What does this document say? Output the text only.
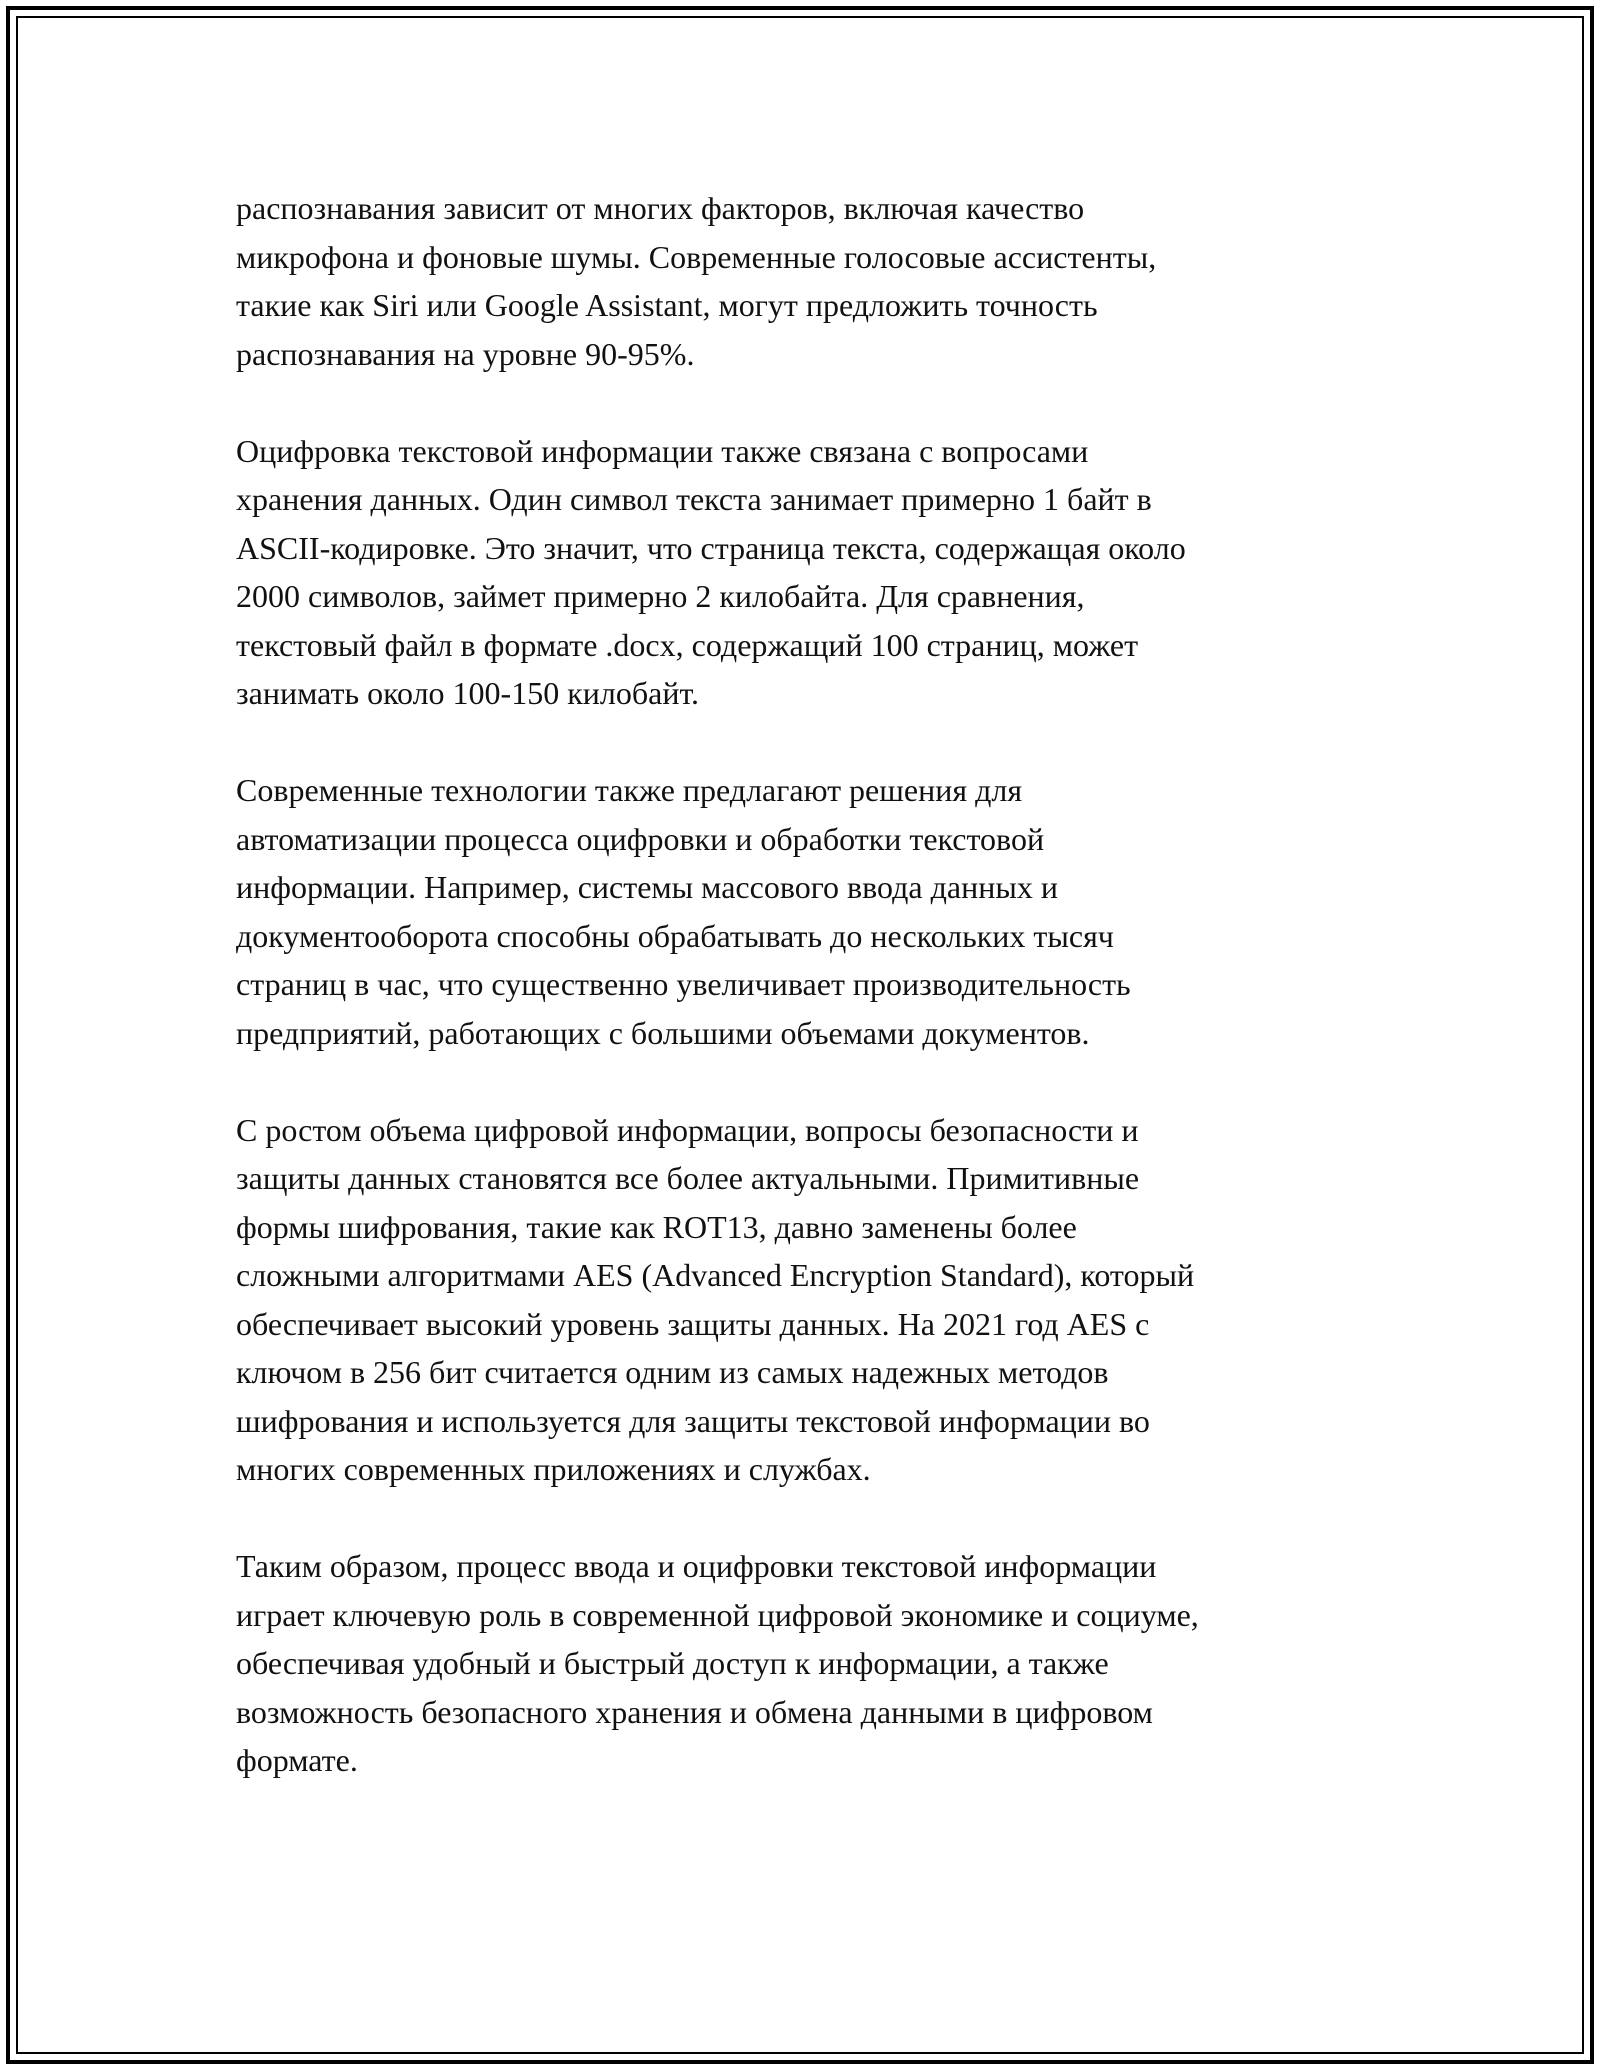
распознавания зависит от многих факторов, включая качество
микрофона и фоновые шумы. Современные голосовые ассистенты,
такие как Siri или Google Assistant, могут предложить точность
распознавания на уровне 90-95%.

Оцифровка текстовой информации также связана с вопросами
хранения данных. Один символ текста занимает примерно 1 байт в
ASCII-кодировке. Это значит, что страница текста, содержащая около
2000 символов, займет примерно 2 килобайта. Для сравнения,
текстовый файл в формате .docx, содержащий 100 страниц, может
занимать около 100-150 килобайт.

Современные технологии также предлагают решения для
автоматизации процесса оцифровки и обработки текстовой
информации. Например, системы массового ввода данных и
документооборота способны обрабатывать до нескольких тысяч
страниц в час, что существенно увеличивает производительность
предприятий, работающих с большими объемами документов.

С ростом объема цифровой информации, вопросы безопасности и
защиты данных становятся все более актуальными. Примитивные
формы шифрования, такие как ROT13, давно заменены более
сложными алгоритмами AES (Advanced Encryption Standard), который
обеспечивает высокий уровень защиты данных. На 2021 год AES с
ключом в 256 бит считается одним из самых надежных методов
шифрования и используется для защиты текстовой информации во
многих современных приложениях и службах.

Таким образом, процесс ввода и оцифровки текстовой информации
играет ключевую роль в современной цифровой экономике и социуме,
обеспечивая удобный и быстрый доступ к информации, а также
возможность безопасного хранения и обмена данными в цифровом
формате.
